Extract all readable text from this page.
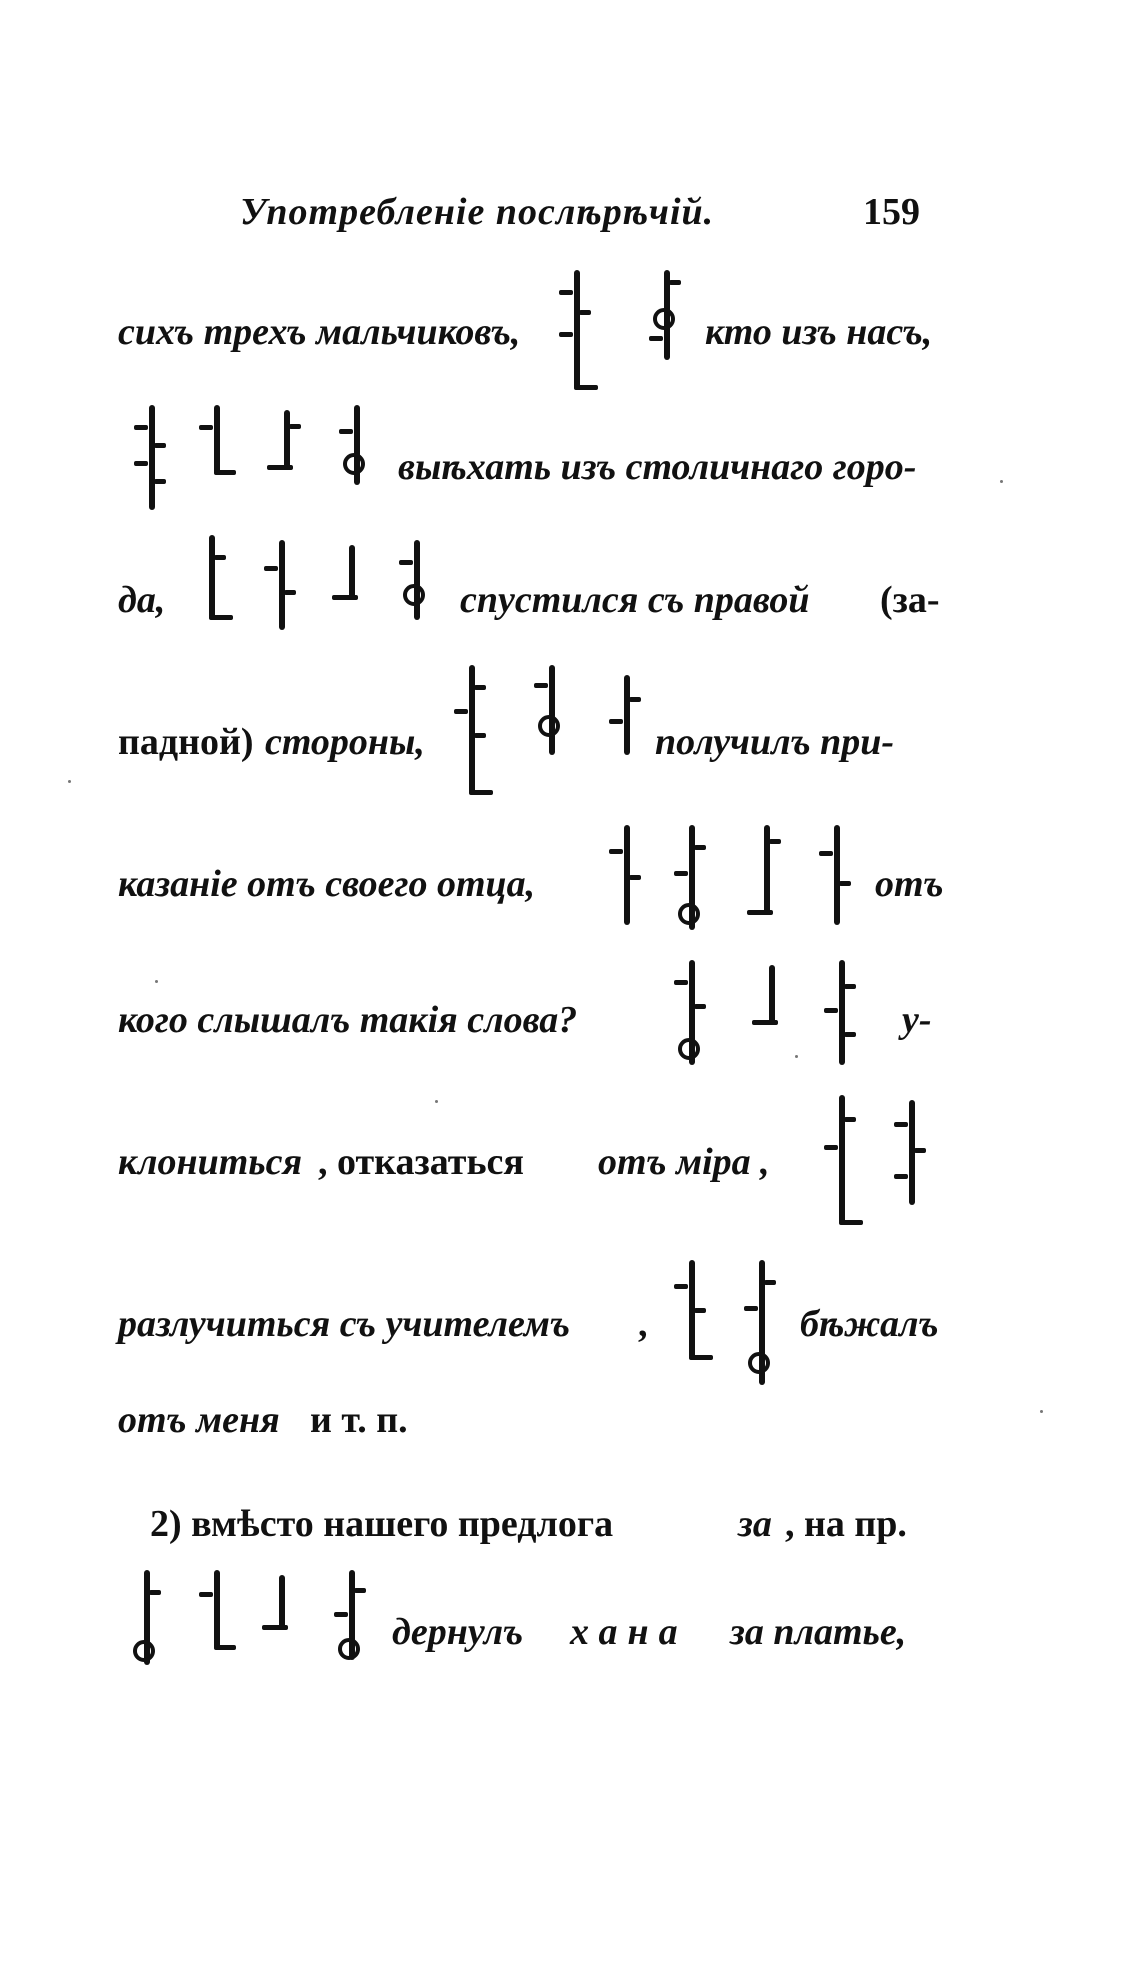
Употребленіе послѣрѣчій.	159
сихъ трехъ мальчиковъ,	кто изъ насъ,
выѣхать изъ столичнаго горо-
да,	спустился съ правой (за-
падной) стороны,	получилъ при-
казаніе отъ своего отца,	отъ
кого слышалъ такія слова?	у-
клониться , отказаться отъ міра ,
разлучиться съ учителемъ ,	бѣжалъ
отъ меня и т. п.
2) вмѣсто нашего предлога	за , на пр.
дернулъ хана за платье,
